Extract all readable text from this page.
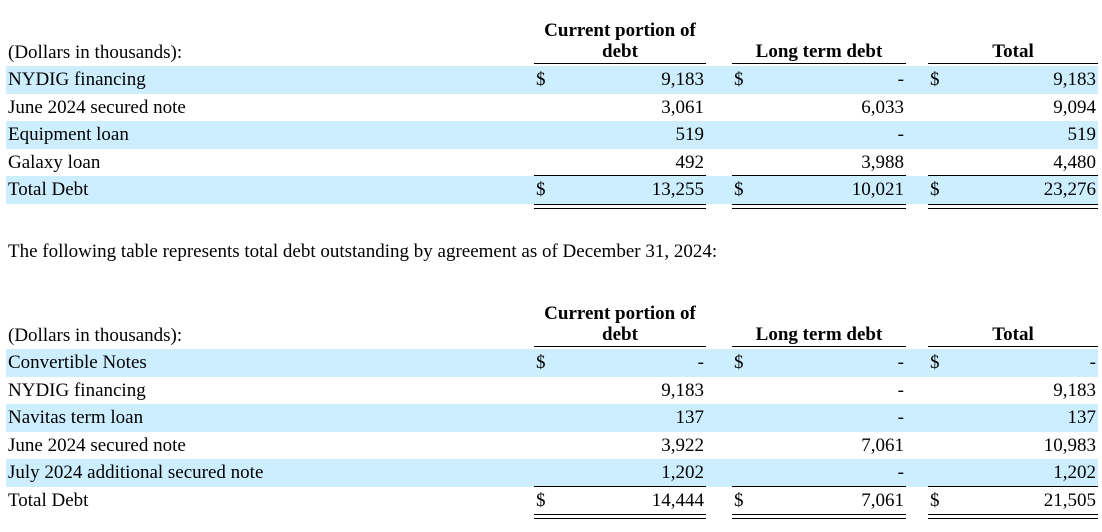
(Dollars in thousands):
Current portion of debt	Long term debt	Total
NYDIG financing	$	9,183 $	- $	9,183
June 2024 secured note	3,061	6,033	9,094
Equipment loan	519	-	519
Galaxy loan	492	3,988	4,480
Total Debt	$	13,255 $	10,021 $	23,276

The following table represents total debt outstanding by agreement as of December 31, 2024:

(Dollars in thousands):
Current portion of debt	Long term debt	Total
Convertible Notes	$	- $	- $	-
NYDIG financing	9,183	-	9,183
Navitas term loan	137	-	137
June 2024 secured note	3,922	7,061	10,983
July 2024 additional secured note	1,202	-	1,202
Total Debt	$	14,444 $	7,061 $	21,505
